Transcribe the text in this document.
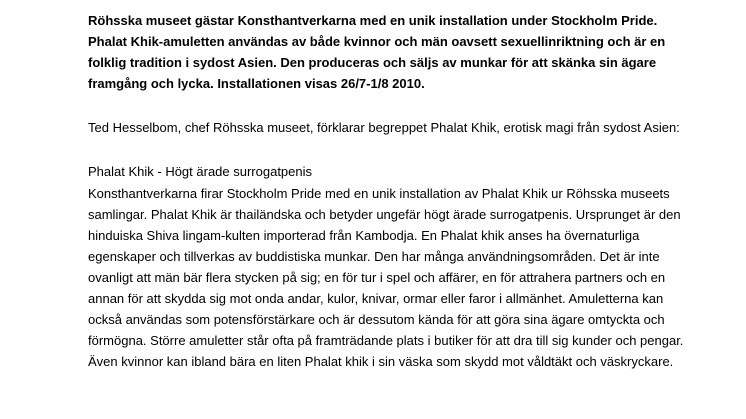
Röhsska museet gästar Konsthantverkarna med en unik installation under Stockholm Pride. Phalat Khik-amuletten användas av både kvinnor och män oavsett sexuellinriktning och är en folklig tradition i sydost Asien. Den produceras och säljs av munkar för att skänka sin ägare framgång och lycka. Installationen visas 26/7-1/8 2010.

Ted Hesselbom, chef Röhsska museet, förklarar begreppet Phalat Khik, erotisk magi från sydost Asien:

Phalat Khik - Högt ärade surrogatpenis

Konsthantverkarna firar Stockholm Pride med en unik installation av Phalat Khik ur Röhsska museets samlingar. Phalat Khik är thailändska och betyder ungefär högt ärade surrogatpenis. Ursprunget är den hinduiska Shiva lingam-kulten importerad från Kambodja. En Phalat khik anses ha övernaturliga egenskaper och tillverkas av buddistiska munkar. Den har många användningsområden. Det är inte ovanligt att män bär flera stycken på sig; en för tur i spel och affärer, en för attrahera partners och en annan för att skydda sig mot onda andar, kulor, knivar, ormar eller faror i allmänhet. Amuletterna kan också användas som potensförstärkare och är dessutom kända för att göra sina ägare omtyckta och förmögna. Större amuletter står ofta på framträdande plats i butiker för att dra till sig kunder och pengar.

Även kvinnor kan ibland bära en liten Phalat khik i sin väska som skydd mot våldtäkt och väskryckare.
